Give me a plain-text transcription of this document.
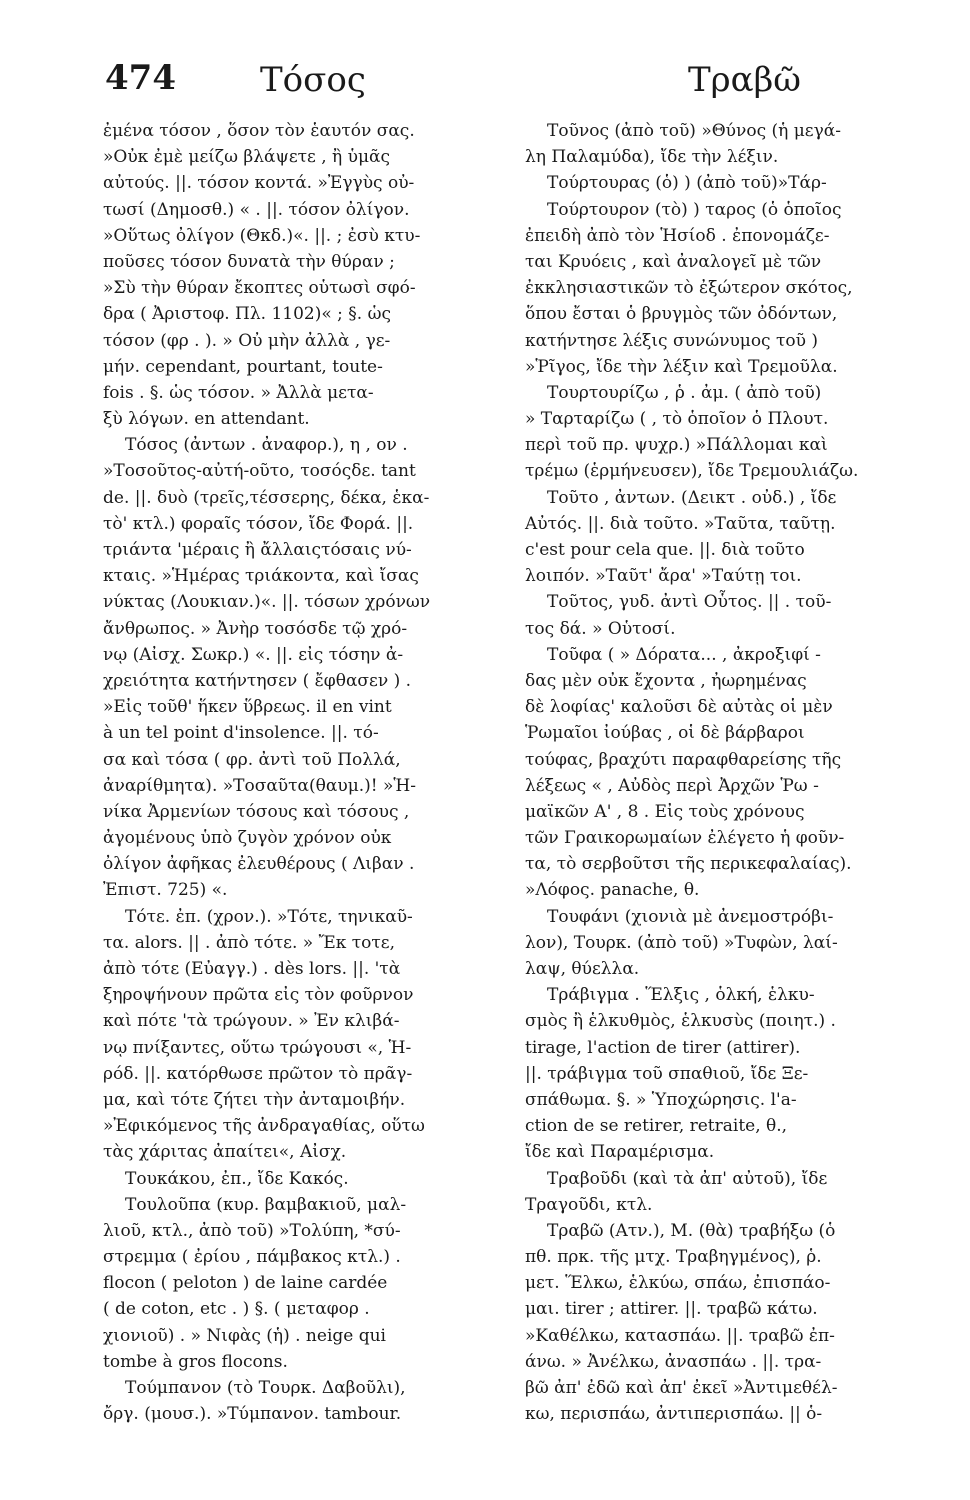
474 Τόσος	Τραβῶ
ἐμένα τόσον , ὅσον τὸν ἑαυτόν σας.
»Οὐκ ἐμὲ μείζω βλάψετε , ἢ ὑμᾶς
αὐτούς. ||. τόσον κοντά. »Ἐγγὺς οὐ-
τωσί (Δημοσθ.) « . ||. τόσον ὀλίγον.
»Οὕτως ὀλίγον (Θκδ.)«. ||. ; ἐσὺ κτυ-
ποῦσες τόσον δυνατὰ τὴν θύραν ;
»Σὺ τὴν θύραν ἔκοπτες οὑτωσὶ σφό-
δρα ( Ἀριστοφ. Πλ. 1102)« ; §. ὡς
τόσον (φρ . ). » Οὐ μὴν ἀλλὰ , γε-
μήν. cependant, pourtant, toute-
fois . §. ὡς τόσον. » Ἀλλὰ μετα-
ξὺ λόγων. en attendant.
Τόσος (ἀντων . ἀναφορ.), η , ον .
»Τοσοῦτος-αὐτή-οῦτο, τοσόςδε. tant
de. ||. δυὸ (τρεῖς,τέσσερης, δέκα, ἑκα-
τὸ' κτλ.) φοραῖς τόσον, ἴδε Φορά. ||.
τριάντα 'μέραις ἢ ἄλλαιςτόσαις νύ-
κταις. »Ἡμέρας τριάκοντα, καὶ ἴσας
νύκτας (Λουκιαν.)«. ||. τόσων χρόνων
ἄνθρωπος. » Ἀνὴρ τοσόσδε τῷ χρό-
νῳ (Αἰσχ. Σωκρ.) «. ||. εἰς τόσην ἀ-
χρειότητα κατήντησεν ( ἔφθασεν ) .
»Εἰς τοῦθ' ἥκεν ὕβρεως. il en vint
à un tel point d'insolence. ||. τό-
σα καὶ τόσα ( φρ. ἀντὶ τοῦ Πολλά,
ἀναρίθμητα). »Τοσαῦτα(θαυμ.)! »Ἡ-
νίκα Ἀρμενίων τόσους καὶ τόσους ,
ἀγομένους ὑπὸ ζυγὸν χρόνον οὐκ
ὀλίγον ἀφῆκας ἐλευθέρους ( Λιβαν .
Ἐπιστ. 725) «.
Τότε. ἐπ. (χρον.). »Τότε, τηνικαῦ-
τα. alors. || . ἀπὸ τότε. » Ἔκ τοτε,
ἀπὸ τότε (Εὐαγγ.) . dès lors. ||. 'τὰ
ξηροψήνουν πρῶτα εἰς τὸν φοῦρνον
καὶ πότε 'τὰ τρώγουν. » Ἐν κλιβά-
νῳ πνίξαντες, οὕτω τρώγουσι «, Ἡ-
ρόδ. ||. κατόρθωσε πρῶτον τὸ πρᾶγ-
μα, καὶ τότε ζήτει τὴν ἀνταμοιβήν.
»Ἐφικόμενος τῆς ἀνδραγαθίας, οὕτω
τὰς χάριτας ἀπαίτει«, Αἰσχ.
Τουκάκου, ἐπ., ἴδε Κακός.
Τουλοῦπα (κυρ. βαμβακιοῦ, μαλ-
λιοῦ, κτλ., ἀπὸ τοῦ) »Τολύπη, *σύ-
στρεμμα ( ἐρίου , πάμβακος κτλ.) .
flocon ( peloton ) de laine cardée
( de coton, etc . ) §. ( μεταφορ .
χιονιοῦ) . » Νιφὰς (ἡ) . neige qui
tombe à gros flocons.
Τούμπανον (τὸ Τουρκ. Δαβοῦλι),
ὄργ. (μουσ.). »Τύμπανον. tambour.
Τοῦνος (ἀπὸ τοῦ) »Θύνος (ἡ μεγά-
λη Παλαμύδα), ἴδε τὴν λέξιν.
Τούρτουρας (ὁ) ) (ἀπὸ τοῦ)»Τάρ-
Τούρτουρον (τὸ) ) ταρος (ὁ ὁποῖος
ἐπειδὴ ἀπὸ τὸν Ἡσίοδ . ἐπονομάζε-
ται Κρυόεις , καὶ ἀναλογεῖ μὲ τῶν
ἐκκλησιαστικῶν τὸ ἐξώτερον σκότος,
ὅπου ἔσται ὁ βρυγμὸς τῶν ὀδόντων,
κατήντησε λέξις συνώνυμος τοῦ )
»Ῥῖγος, ἴδε τὴν λέξιν καὶ Τρεμοῦλα.
Τουρτουρίζω , ῥ . ἀμ. ( ἀπὸ τοῦ)
» Ταρταρίζω ( , τὸ ὁποῖον ὁ Πλουτ.
περὶ τοῦ πρ. ψυχρ.) »Πάλλομαι καὶ
τρέμω (ἑρμήνευσεν), ἴδε Τρεμουλιάζω.
Τοῦτο , ἀντων. (Δεικτ . οὐδ.) , ἴδε
Αὐτός. ||. διὰ τοῦτο. »Ταῦτα, ταῦτῃ.
c'est pour cela que. ||. διὰ τοῦτο
λοιπόν. »Ταῦτ' ἄρα' »Ταύτῃ τοι.
Τοῦτος, γυδ. ἀντὶ Οὗτος. || . τοῦ-
τος δά. » Οὑτοσί.
Τοῦφα ( » Δόρατα... , ἀκροξιφί -
δας μὲν οὐκ ἔχοντα , ἠωρημένας
δὲ λοφίας' καλοῦσι δὲ αὐτὰς οἱ μὲν
Ῥωμαῖοι ἰούβας , οἱ δὲ βάρβαροι
τούφας, βραχύτι παραφθαρείσης τῆς
λέξεως « , Αὐδὸς περὶ Ἀρχῶν Ῥω -
μαϊκῶν Α' , 8 . Εἰς τοὺς χρόνους
τῶν Γραικορωμαίων ἐλέγετο ἡ φοῦν-
τα, τὸ σερβοῦτσι τῆς περικεφαλαίας).
»Λόφος. panache, θ.
Τουφάνι (χιονιὰ μὲ ἀνεμοστρόβι-
λον), Τουρκ. (ἀπὸ τοῦ) »Τυφὼν, λαί-
λαψ, θύελλα.
Τράβιγμα . Ἕλξις , ὁλκή, ἑλκυ-
σμὸς ἢ ἑλκυθμὸς, ἑλκυσὺς (ποιητ.) .
tirage, l'action de tirer (attirer).
||. τράβιγμα τοῦ σπαθιοῦ, ἴδε Ξε-
σπάθωμα. §. » Ὑποχώρησις. l'a-
ction de se retirer, retraite, θ.,
ἴδε καὶ Παραμέρισμα.
Τραβοῦδι (καὶ τὰ ἀπ' αὐτοῦ), ἴδε
Τραγοῦδι, κτλ.
Τραβῶ (Ατν.), Μ. (θὰ) τραβήξω (ὁ
πθ. πρκ. τῆς μτχ. Τραβηγμένος), ῥ.
μετ. Ἕλκω, ἑλκύω, σπάω, ἐπισπάο-
μαι. tirer ; attirer. ||. τραβῶ κάτω.
»Καθέλκω, κατασπάω. ||. τραβῶ ἐπ-
άνω. » Ἀνέλκω, ἀνασπάω . ||. τρα-
βῶ ἀπ' ἐδῶ καὶ ἀπ' ἐκεῖ »Ἀντιμεθέλ-
κω, περισπάω, ἀντιπερισπάω. || ὁ-
